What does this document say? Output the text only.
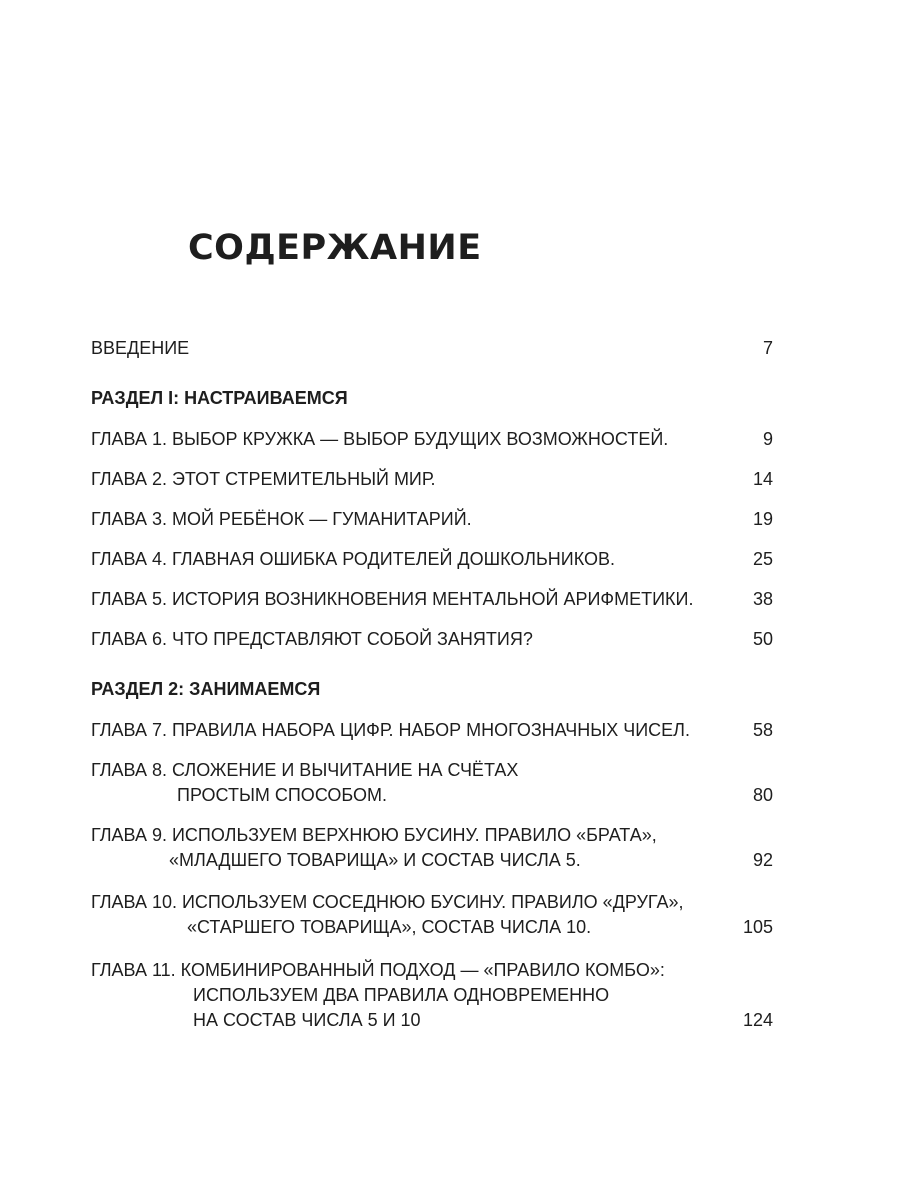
СОДЕРЖАНИЕ
ВВЕДЕНИЕ	7
РАЗДЕЛ I: НАСТРАИВАЕМСЯ
ГЛАВА 1. ВЫБОР КРУЖКА — ВЫБОР БУДУЩИХ ВОЗМОЖНОСТЕЙ.	9
ГЛАВА 2. ЭТОТ СТРЕМИТЕЛЬНЫЙ МИР.	14
ГЛАВА 3. МОЙ РЕБЁНОК — ГУМАНИТАРИЙ.	19
ГЛАВА 4. ГЛАВНАЯ ОШИБКА РОДИТЕЛЕЙ ДОШКОЛЬНИКОВ.	25
ГЛАВА 5. ИСТОРИЯ ВОЗНИКНОВЕНИЯ МЕНТАЛЬНОЙ АРИФМЕТИКИ.	38
ГЛАВА 6. ЧТО ПРЕДСТАВЛЯЮТ СОБОЙ ЗАНЯТИЯ?	50
РАЗДЕЛ 2: ЗАНИМАЕМСЯ
ГЛАВА 7. ПРАВИЛА НАБОРА ЦИФР. НАБОР МНОГОЗНАЧНЫХ ЧИСЕЛ.	58
ГЛАВА 8. СЛОЖЕНИЕ И ВЫЧИТАНИЕ НА СЧЁТАХ
ПРОСТЫМ СПОСОБОМ.	80
ГЛАВА 9. ИСПОЛЬЗУЕМ ВЕРХНЮЮ БУСИНУ. ПРАВИЛО «БРАТА»,
«МЛАДШЕГО ТОВАРИЩА» И СОСТАВ ЧИСЛА 5.	92
ГЛАВА 10. ИСПОЛЬЗУЕМ СОСЕДНЮЮ БУСИНУ. ПРАВИЛО «ДРУГА»,
«СТАРШЕГО ТОВАРИЩА», СОСТАВ ЧИСЛА 10.	105
ГЛАВА 11. КОМБИНИРОВАННЫЙ ПОДХОД — «ПРАВИЛО КОМБО»:
ИСПОЛЬЗУЕМ ДВА ПРАВИЛА ОДНОВРЕМЕННО
НА СОСТАВ ЧИСЛА 5 И 10	124
